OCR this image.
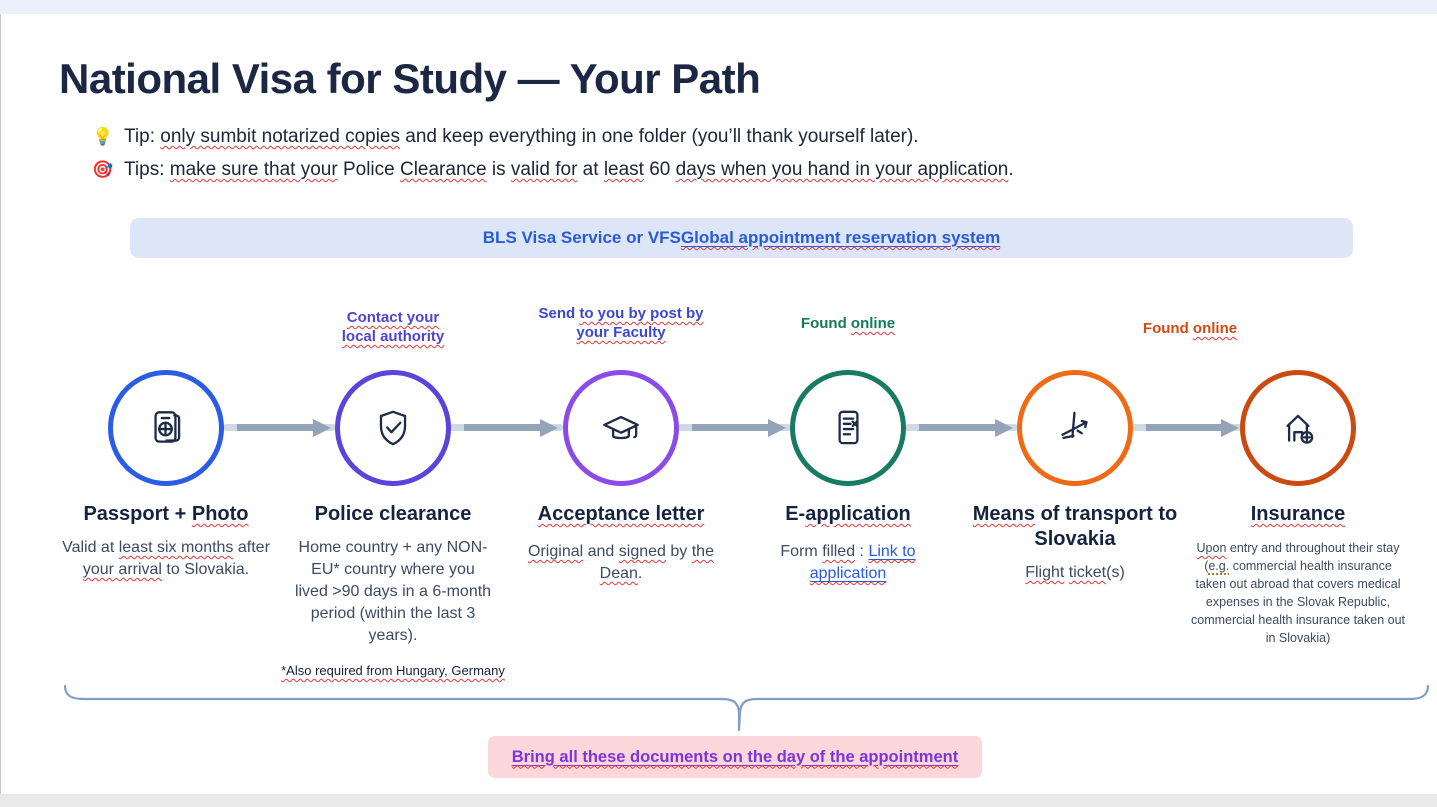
National Visa for Study — Your Path
💡 Tip: only sumbit notarized copies and keep everything in one folder (you’ll thank yourself later).
🎯 Tips: make sure that your Police Clearance is valid for at least 60 days when you hand in your application.
BLS Visa Service or VFS Global appointment reservation system
Contact your local authority
Send to you by post by your Faculty
Found online	Found online
Passport + Photo
Valid at least six months after your arrival to Slovakia.
Police clearance
Home country + any NON-EU* country where you lived >90 days in a 6-month period (within the last 3 years).
*Also required from Hungary, Germany
Acceptance letter
Original and signed by the Dean.
E-application
Form filled : Link to application
Means of transport to Slovakia
Flight ticket(s)
Insurance
Upon entry and throughout their stay (e.g. commercial health insurance taken out abroad that covers medical expenses in the Slovak Republic, commercial health insurance taken out in Slovakia)
Bring all these documents on the day of the appointment
